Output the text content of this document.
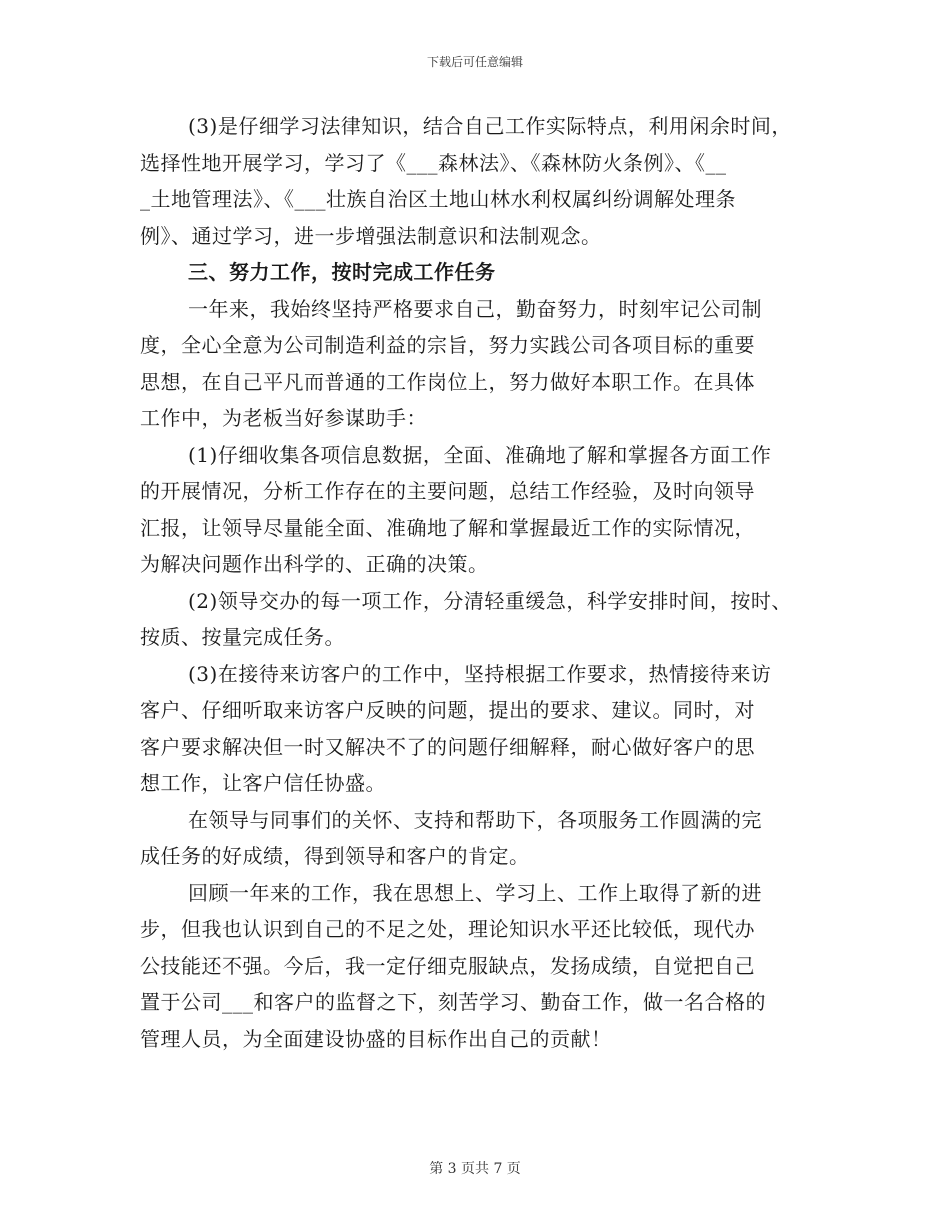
下载后可任意编辑
(3)是仔细学习法律知识，结合自己工作实际特点，利用闲余时间，
选择性地开展学习，学习了《___森林法》、《森林防火条例》、《__
_土地管理法》、《___壮族自治区土地山林水利权属纠纷调解处理条
例》、通过学习，进一步增强法制意识和法制观念。
三、努力工作，按时完成工作任务
一年来，我始终坚持严格要求自己，勤奋努力，时刻牢记公司制
度，全心全意为公司制造利益的宗旨，努力实践公司各项目标的重要
思想，在自己平凡而普通的工作岗位上，努力做好本职工作。在具体
工作中，为老板当好参谋助手：
(1)仔细收集各项信息数据，全面、准确地了解和掌握各方面工作
的开展情况，分析工作存在的主要问题，总结工作经验，及时向领导
汇报，让领导尽量能全面、准确地了解和掌握最近工作的实际情况，
为解决问题作出科学的、正确的决策。
(2)领导交办的每一项工作，分清轻重缓急，科学安排时间，按时、
按质、按量完成任务。
(3)在接待来访客户的工作中，坚持根据工作要求，热情接待来访
客户、仔细听取来访客户反映的问题，提出的要求、建议。同时，对
客户要求解决但一时又解决不了的问题仔细解释，耐心做好客户的思
想工作，让客户信任协盛。
在领导与同事们的关怀、支持和帮助下，各项服务工作圆满的完
成任务的好成绩，得到领导和客户的肯定。
回顾一年来的工作，我在思想上、学习上、工作上取得了新的进
步，但我也认识到自己的不足之处，理论知识水平还比较低，现代办
公技能还不强。今后，我一定仔细克服缺点，发扬成绩，自觉把自己
置于公司___和客户的监督之下，刻苦学习、勤奋工作，做一名合格的
管理人员，为全面建设协盛的目标作出自己的贡献！
第 3 页共 7 页
